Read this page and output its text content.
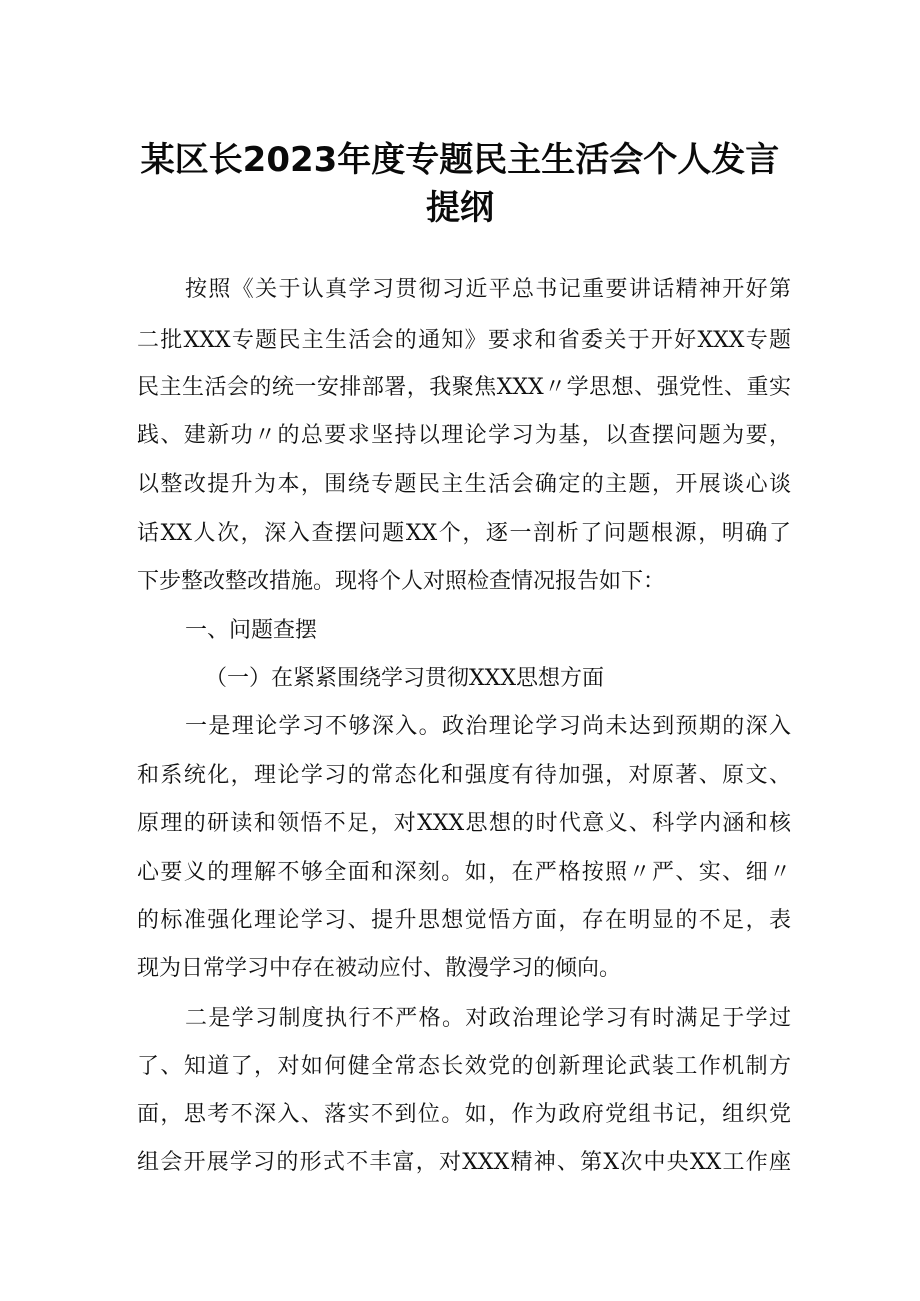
某区长2023年度专题民主生活会个人发言
提纲
按照《关于认真学习贯彻习近平总书记重要讲话精神开好第
二批XXX专题民主生活会的通知》要求和省委关于开好XXX专题
民主生活会的统一安排部署，我聚焦XXX〃学思想、强党性、重实
践、建新功〃的总要求坚持以理论学习为基，以查摆问题为要，
以整改提升为本，围绕专题民主生活会确定的主题，开展谈心谈
话XX人次，深入查摆问题XX个，逐一剖析了问题根源，明确了
下步整改整改措施。现将个人对照检查情况报告如下：
一、问题查摆
（一）在紧紧围绕学习贯彻XXX思想方面
一是理论学习不够深入。政治理论学习尚未达到预期的深入
和系统化，理论学习的常态化和强度有待加强，对原著、原文、
原理的研读和领悟不足，对XXX思想的时代意义、科学内涵和核
心要义的理解不够全面和深刻。如，在严格按照〃严、实、细〃
的标准强化理论学习、提升思想觉悟方面，存在明显的不足，表
现为日常学习中存在被动应付、散漫学习的倾向。
二是学习制度执行不严格。对政治理论学习有时满足于学过
了、知道了，对如何健全常态长效党的创新理论武装工作机制方
面，思考不深入、落实不到位。如，作为政府党组书记，组织党
组会开展学习的形式不丰富，对XXX精神、第X次中央XX工作座
